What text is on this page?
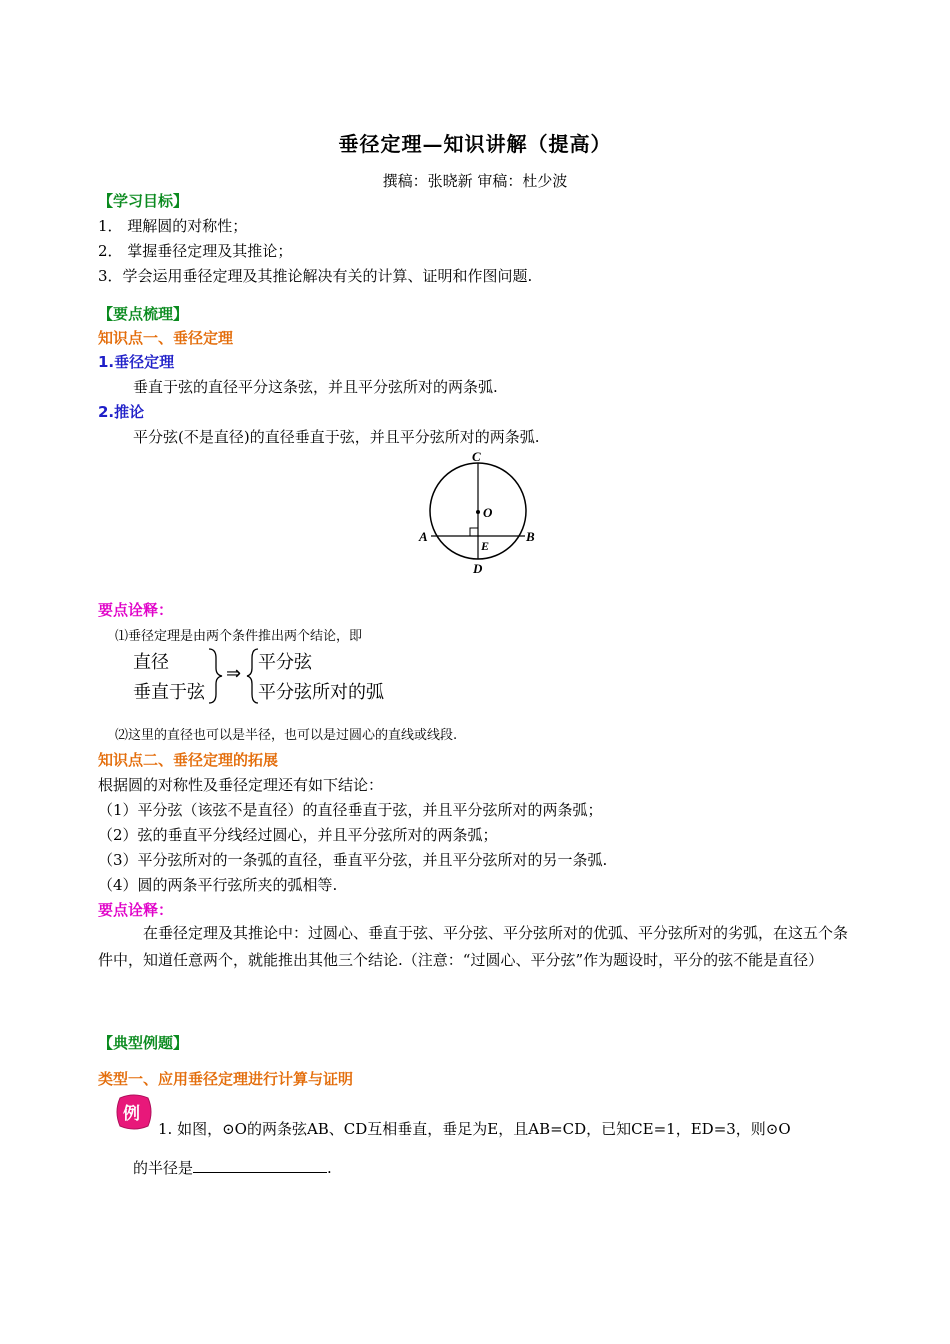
垂径定理—知识讲解（提高）
撰稿：张晓新 审稿：杜少波
【学习目标】
1． 理解圆的对称性；
2． 掌握垂径定理及其推论；
3．学会运用垂径定理及其推论解决有关的计算、证明和作图问题.
【要点梳理】
知识点一、垂径定理
1.垂径定理
垂直于弦的直径平分这条弦，并且平分弦所对的两条弧.
2.推论
平分弦(不是直径)的直径垂直于弦，并且平分弦所对的两条弧.
C
O
A	B
E
D
要点诠释：
⑴垂径定理是由两个条件推出两个结论，即
直径
垂直于弦
⇒
平分弦
平分弦所对的弧
⑵这里的直径也可以是半径，也可以是过圆心的直线或线段.
知识点二、垂径定理的拓展
根据圆的对称性及垂径定理还有如下结论：
（1）平分弦（该弦不是直径）的直径垂直于弦，并且平分弦所对的两条弧；
（2）弦的垂直平分线经过圆心，并且平分弦所对的两条弧；
（3）平分弦所对的一条弧的直径，垂直平分弦，并且平分弦所对的另一条弧.
（4）圆的两条平行弦所夹的弧相等.
要点诠释：
在垂径定理及其推论中：过圆心、垂直于弦、平分弦、平分弦所对的优弧、平分弦所对的劣弧，在这五个条件中，知道任意两个，就能推出其他三个结论.（注意：“过圆心、平分弦”作为题设时，平分的弦不能是直径）
【典型例题】
类型一、应用垂径定理进行计算与证明
例
1. 如图，⊙O的两条弦AB、CD互相垂直，垂足为E，且AB=CD，已知CE=1，ED=3，则⊙O
的半径是	.
